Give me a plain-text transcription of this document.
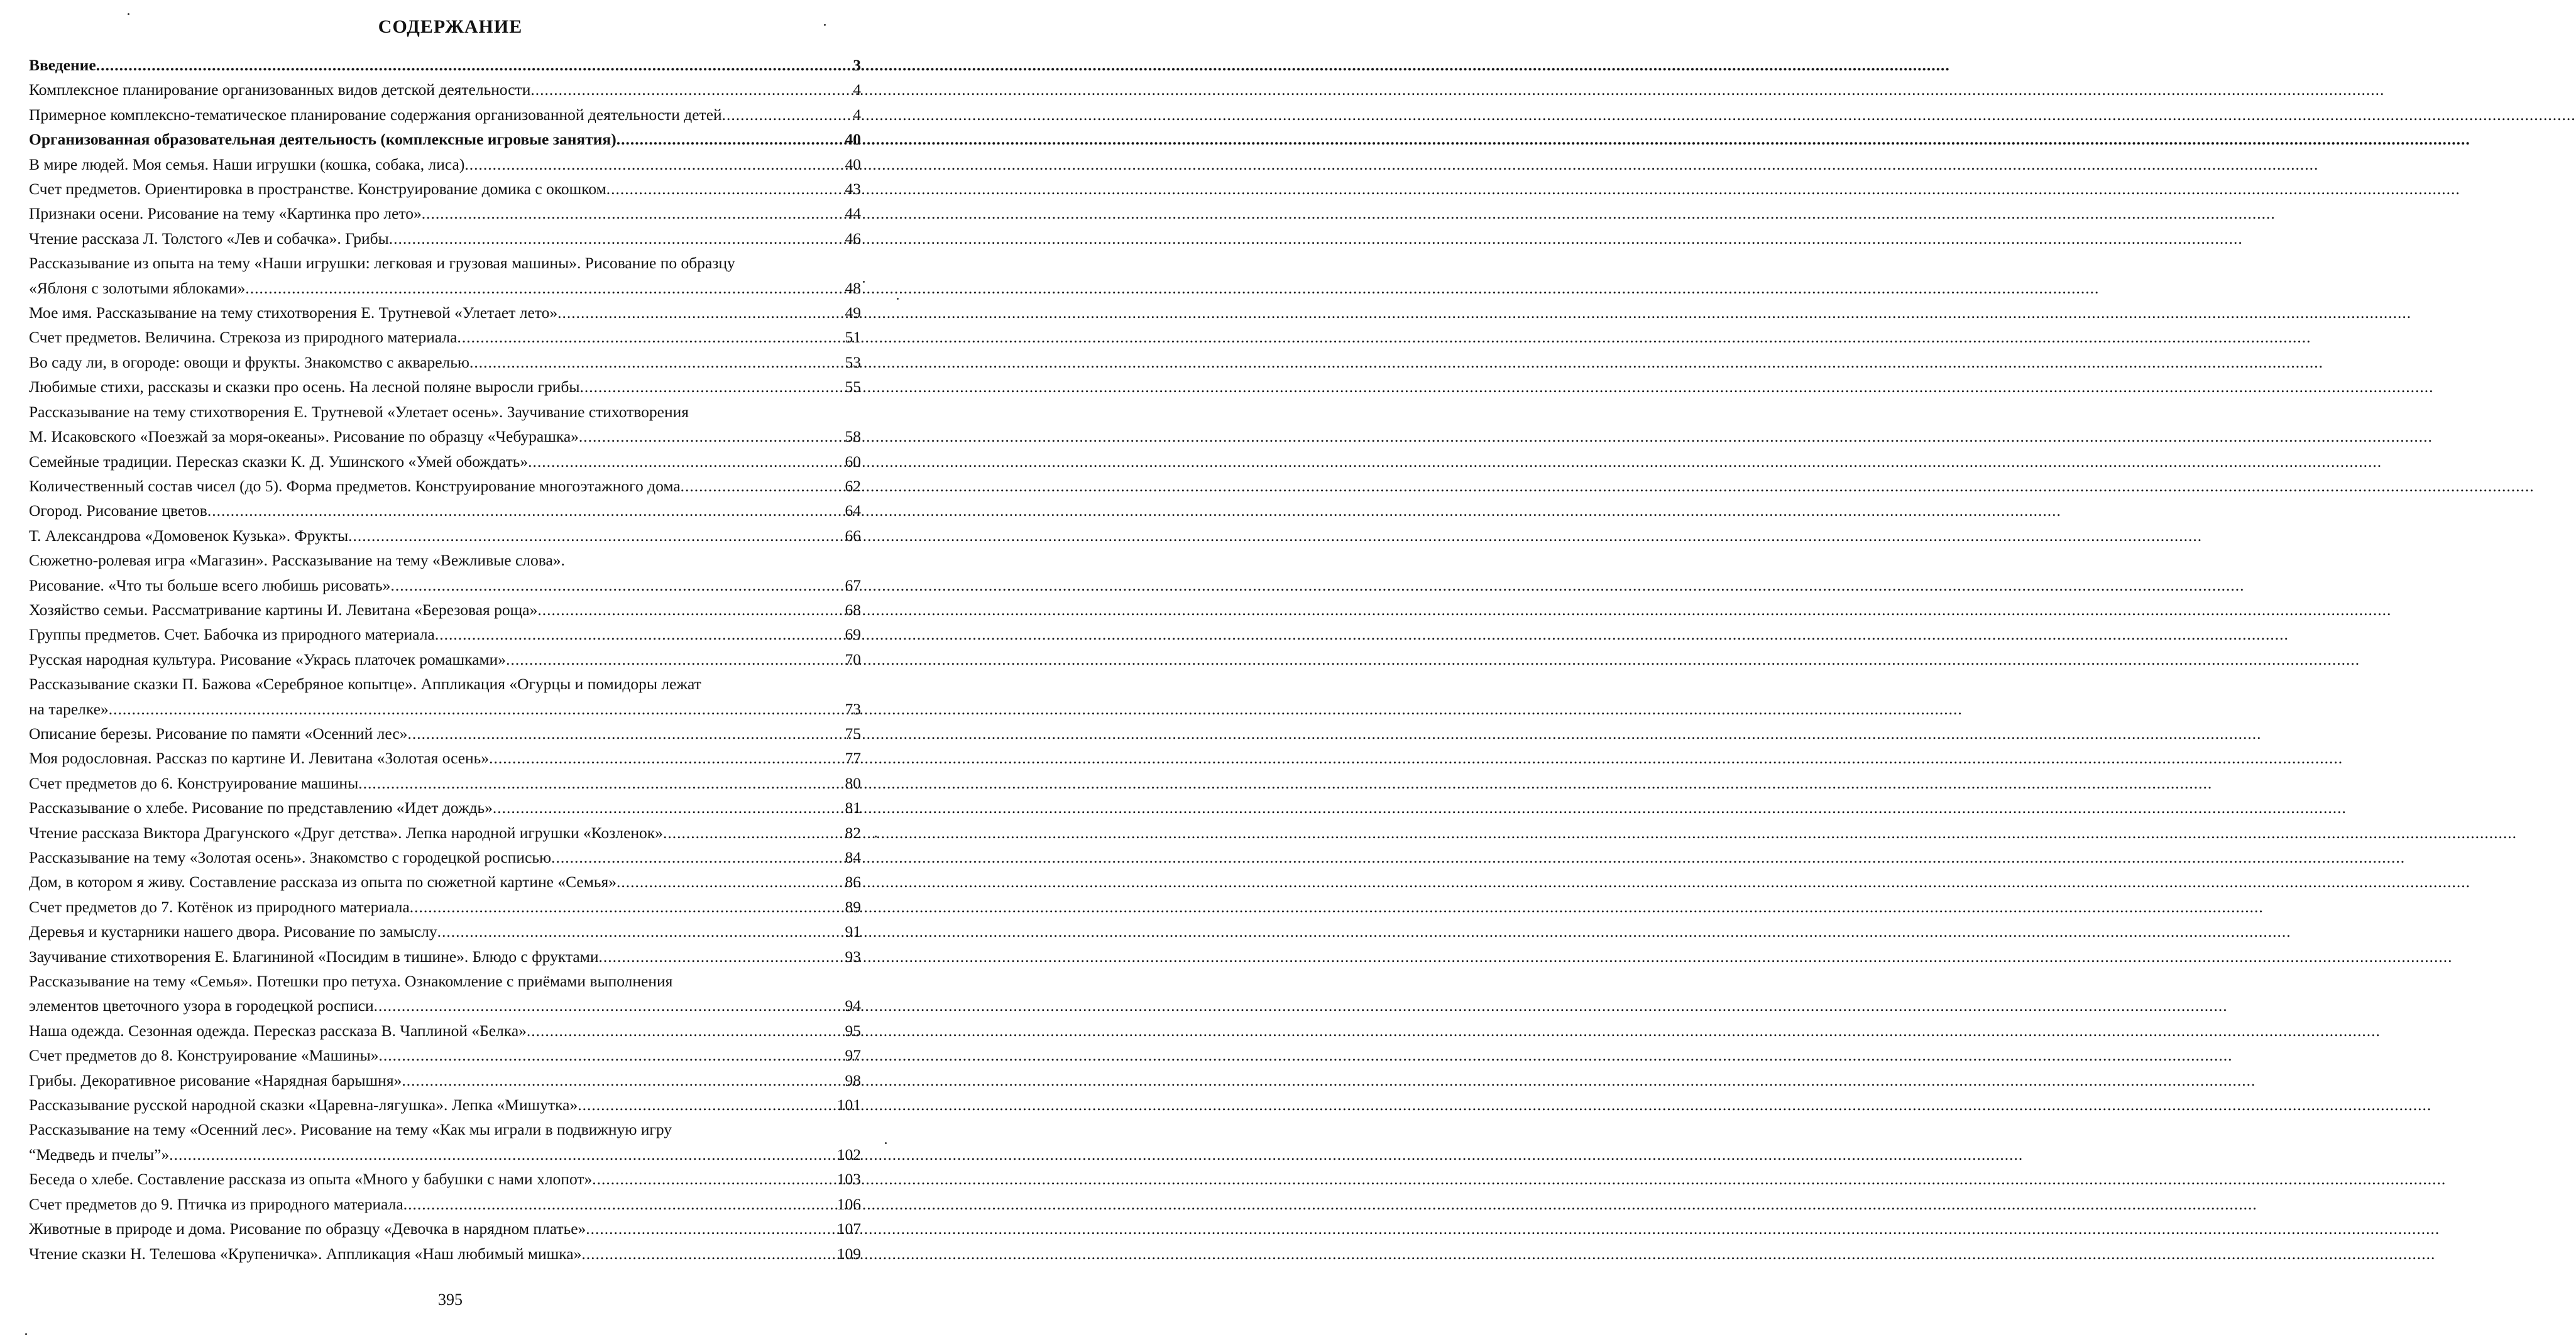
СОДЕРЖАНИЕ
Введение .....	3
Комплексное планирование организованных видов детской деятельности .....	4
Примерное комплексно-тематическое планирование содержания организованной деятельности детей .....	4
Организованная образовательная деятельность (комплексные игровые занятия) .....	40
В мире людей. Моя семья. Наши игрушки (кошка, собака, лиса) .....	40
Счет предметов. Ориентировка в пространстве. Конструирование домика с окошком .....	43
Признаки осени. Рисование на тему «Картинка про лето» .....	44
Чтение рассказа Л. Толстого «Лев и собачка». Грибы .....	46
Рассказывание из опыта на тему «Наши игрушки: легковая и грузовая машины». Рисование по образцу
«Яблоня с золотыми яблоками» .....	48
Мое имя. Рассказывание на тему стихотворения Е. Трутневой «Улетает лето» .....	49
Счет предметов. Величина. Стрекоза из природного материала .....	51
Во саду ли, в огороде: овощи и фрукты. Знакомство с акварелью .....	53
Любимые стихи, рассказы и сказки про осень. На лесной поляне выросли грибы .....	55
Рассказывание на тему стихотворения Е. Трутневой «Улетает осень». Заучивание стихотворения
М. Исаковского «Поезжай за моря-океаны». Рисование по образцу «Чебурашка» .....	58
Семейные традиции. Пересказ сказки К. Д. Ушинского «Умей обождать» .....	60
Количественный состав чисел (до 5). Форма предметов. Конструирование многоэтажного дома .....	62
Огород. Рисование цветов .....	64
Т. Александрова «Домовенок Кузька». Фрукты .....	66
Сюжетно-ролевая игра «Магазин». Рассказывание на тему «Вежливые слова».
Рисование. «Что ты больше всего любишь рисовать» .....	67
Хозяйство семьи. Рассматривание картины И. Левитана «Березовая роща» .....	68
Группы предметов. Счет. Бабочка из природного материала .....	69
Русская народная культура. Рисование «Укрась платочек ромашками» .....	70
Рассказывание сказки П. Бажова «Серебряное копытце». Аппликация «Огурцы и помидоры лежат
на тарелке» .....	73
Описание березы. Рисование по памяти «Осенний лес» .....	75
Моя родословная. Рассказ по картине И. Левитана «Золотая осень» .....	77
Счет предметов до 6. Конструирование машины .....	80
Рассказывание о хлебе. Рисование по представлению «Идет дождь» .....	81
Чтение рассказа Виктора Драгунского «Друг детства». Лепка народной игрушки «Козленок» .....	82
Рассказывание на тему «Золотая осень». Знакомство с городецкой росписью .....	84
Дом, в котором я живу. Составление рассказа из опыта по сюжетной картине «Семья» .....	86
Счет предметов до 7. Котёнок из природного материала .....	89
Деревья и кустарники нашего двора. Рисование по замыслу .....	91
Заучивание стихотворения Е. Благининой «Посидим в тишине». Блюдо с фруктами .....	93
Рассказывание на тему «Семья». Потешки про петуха. Ознакомление с приёмами выполнения
элементов цветочного узора в городецкой росписи .....	94
Наша одежда. Сезонная одежда. Пересказ рассказа В. Чаплиной «Белка» .....	95
Счет предметов до 8. Конструирование «Машины» .....	97
Грибы. Декоративное рисование «Нарядная барышня» .....	98
Рассказывание русской народной сказки «Царевна-лягушка». Лепка «Мишутка» .....	101
Рассказывание на тему «Осенний лес». Рисование на тему «Как мы играли в подвижную игру
“Медведь и пчелы”» .....	102
Беседа о хлебе. Составление рассказа из опыта «Много у бабушки с нами хлопот» .....	103
Счет предметов до 9. Птичка из природного материала .....	106
Животные в природе и дома. Рисование по образцу «Девочка в нарядном платье» .....	107
Чтение сказки Н. Телешова «Крупеничка». Аппликация «Наш любимый мишка» .....	109
395
